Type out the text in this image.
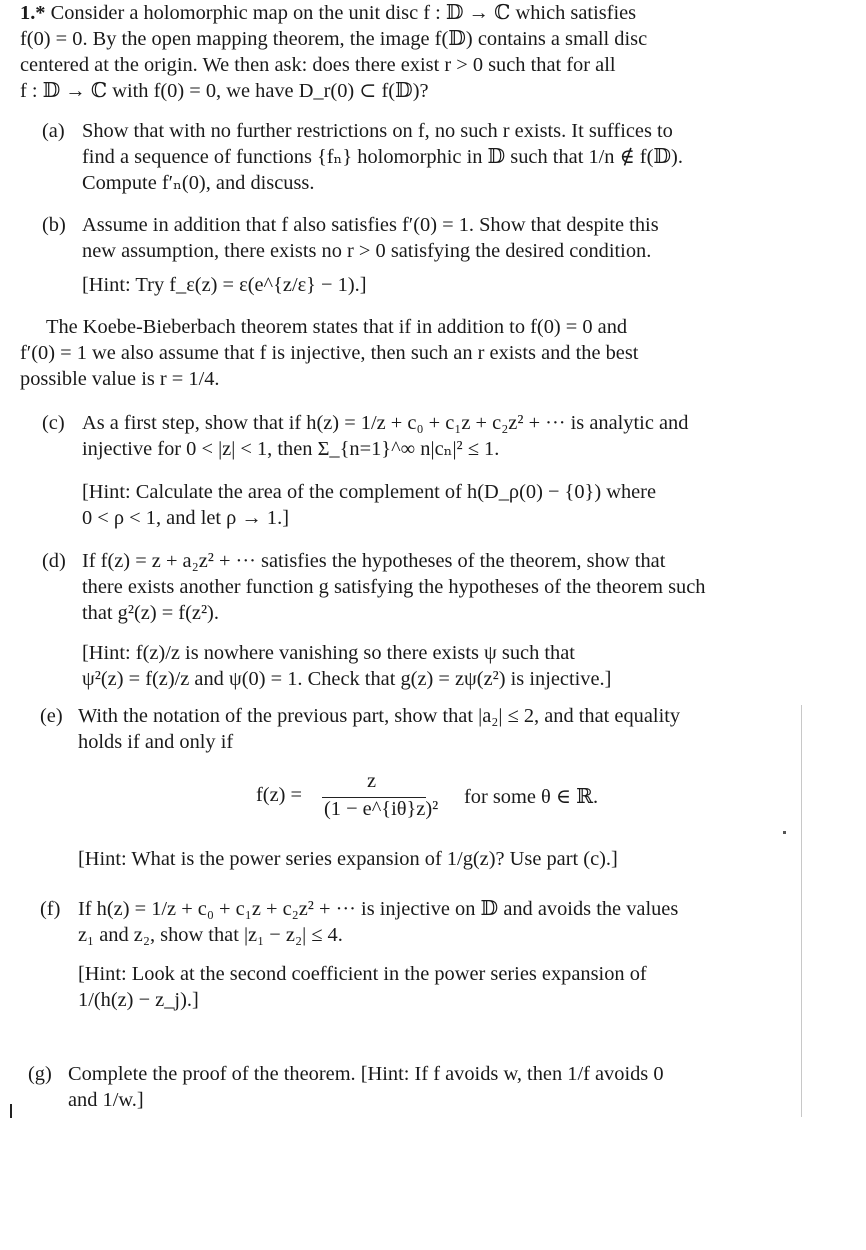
1.* Consider a holomorphic map on the unit disc f : 𝔻 → ℂ which satisfies
f(0) = 0. By the open mapping theorem, the image f(𝔻) contains a small disc
centered at the origin. We then ask: does there exist r > 0 such that for all
f : 𝔻 → ℂ with f(0) = 0, we have D_r(0) ⊂ f(𝔻)?
(a) Show that with no further restrictions on f, no such r exists. It suffices to
find a sequence of functions {fₙ} holomorphic in 𝔻 such that 1/n ∉ f(𝔻).
Compute f′ₙ(0), and discuss.
(b) Assume in addition that f also satisfies f′(0) = 1. Show that despite this
new assumption, there exists no r > 0 satisfying the desired condition.
[Hint: Try f_ε(z) = ε(e^{z/ε} − 1).]
The Koebe-Bieberbach theorem states that if in addition to f(0) = 0 and
f′(0) = 1 we also assume that f is injective, then such an r exists and the best
possible value is r = 1/4.
(c) As a first step, show that if h(z) = 1/z + c₀ + c₁z + c₂z² + ··· is analytic and
injective for 0 < |z| < 1, then Σ_{n=1}^∞ n|cₙ|² ≤ 1.
[Hint: Calculate the area of the complement of h(D_ρ(0) − {0}) where
0 < ρ < 1, and let ρ → 1.]
(d) If f(z) = z + a₂z² + ··· satisfies the hypotheses of the theorem, show that
there exists another function g satisfying the hypotheses of the theorem such
that g²(z) = f(z²).
[Hint: f(z)/z is nowhere vanishing so there exists ψ such that
ψ²(z) = f(z)/z and ψ(0) = 1. Check that g(z) = zψ(z²) is injective.]
(e) With the notation of the previous part, show that |a₂| ≤ 2, and that equality
holds if and only if
f(z) =
z
(1 − e^{iθ}z)²
for some θ ∈ ℝ.
[Hint: What is the power series expansion of 1/g(z)? Use part (c).]
(f) If h(z) = 1/z + c₀ + c₁z + c₂z² + ··· is injective on 𝔻 and avoids the values
z₁ and z₂, show that |z₁ − z₂| ≤ 4.
[Hint: Look at the second coefficient in the power series expansion of
1/(h(z) − z_j).]
(g) Complete the proof of the theorem. [Hint: If f avoids w, then 1/f avoids 0
and 1/w.]
